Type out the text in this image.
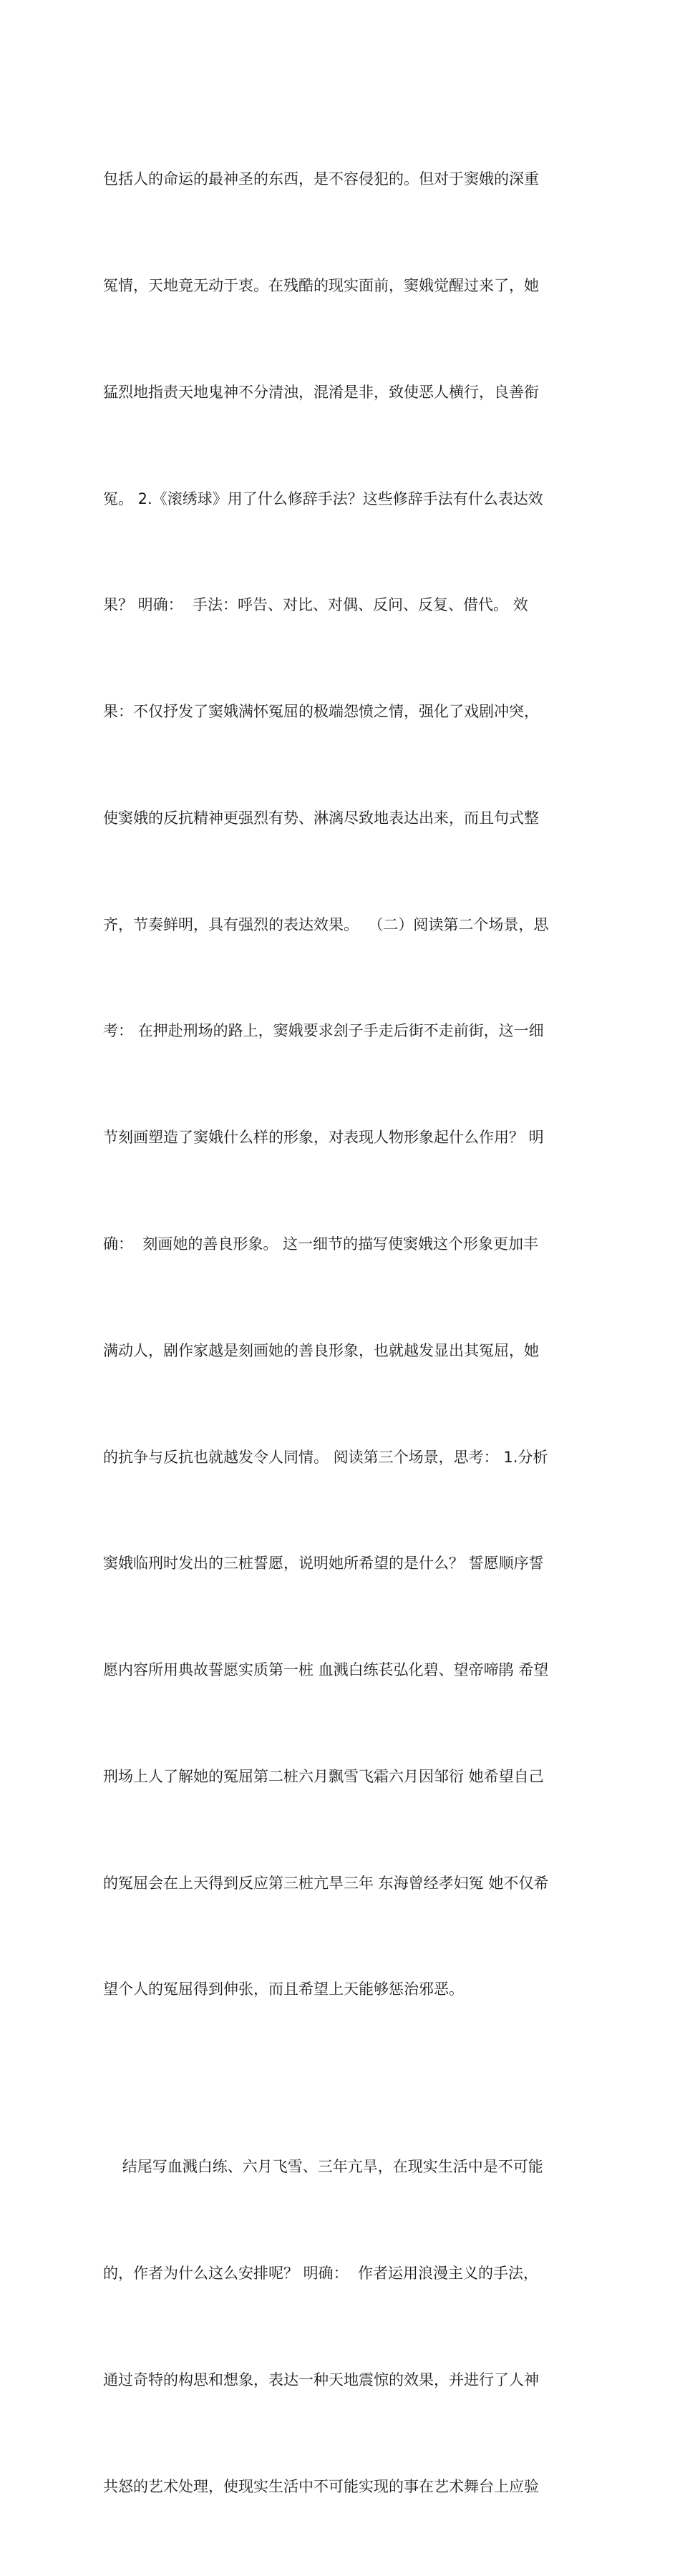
包括人的命运的最神圣的东西，是不容侵犯的。但对于窦娥的深重

冤情，天地竟无动于衷。在残酷的现实面前，窦娥觉醒过来了，她

猛烈地指责天地鬼神不分清浊，混淆是非，致使恶人横行，良善衔

冤。 2.《滚绣球》用了什么修辞手法？这些修辞手法有什么表达效

果？ 明确：  手法：呼告、对比、对偶、反问、反复、借代。 效

果：不仅抒发了窦娥满怀冤屈的极端怨愤之情，强化了戏剧冲突，

使窦娥的反抗精神更强烈有势、淋漓尽致地表达出来，而且句式整

齐，节奏鲜明，具有强烈的表达效果。  （二）阅读第二个场景，思

考： 在押赴刑场的路上，窦娥要求刽子手走后街不走前街，这一细

节刻画塑造了窦娥什么样的形象，对表现人物形象起什么作用？ 明

确：  刻画她的善良形象。 这一细节的描写使窦娥这个形象更加丰

满动人，剧作家越是刻画她的善良形象，也就越发显出其冤屈，她

的抗争与反抗也就越发令人同情。 阅读第三个场景，思考： 1.分析

窦娥临刑时发出的三桩誓愿，说明她所希望的是什么？ 誓愿顺序誓

愿内容所用典故誓愿实质第一桩 血溅白练苌弘化碧、望帝啼鹃 希望

刑场上人了解她的冤屈第二桩六月飘雪飞霜六月因邹衍 她希望自己

的冤屈会在上天得到反应第三桩亢旱三年 东海曾经孝妇冤 她不仅希

望个人的冤屈得到伸张，而且希望上天能够惩治邪恶。

结尾写血溅白练、六月飞雪、三年亢旱，在现实生活中是不可能

的，作者为什么这么安排呢？ 明确：  作者运用浪漫主义的手法，

通过奇特的构思和想象，表达一种天地震惊的效果，并进行了人神

共怒的艺术处理，使现实生活中不可能实现的事在艺术舞台上应验
